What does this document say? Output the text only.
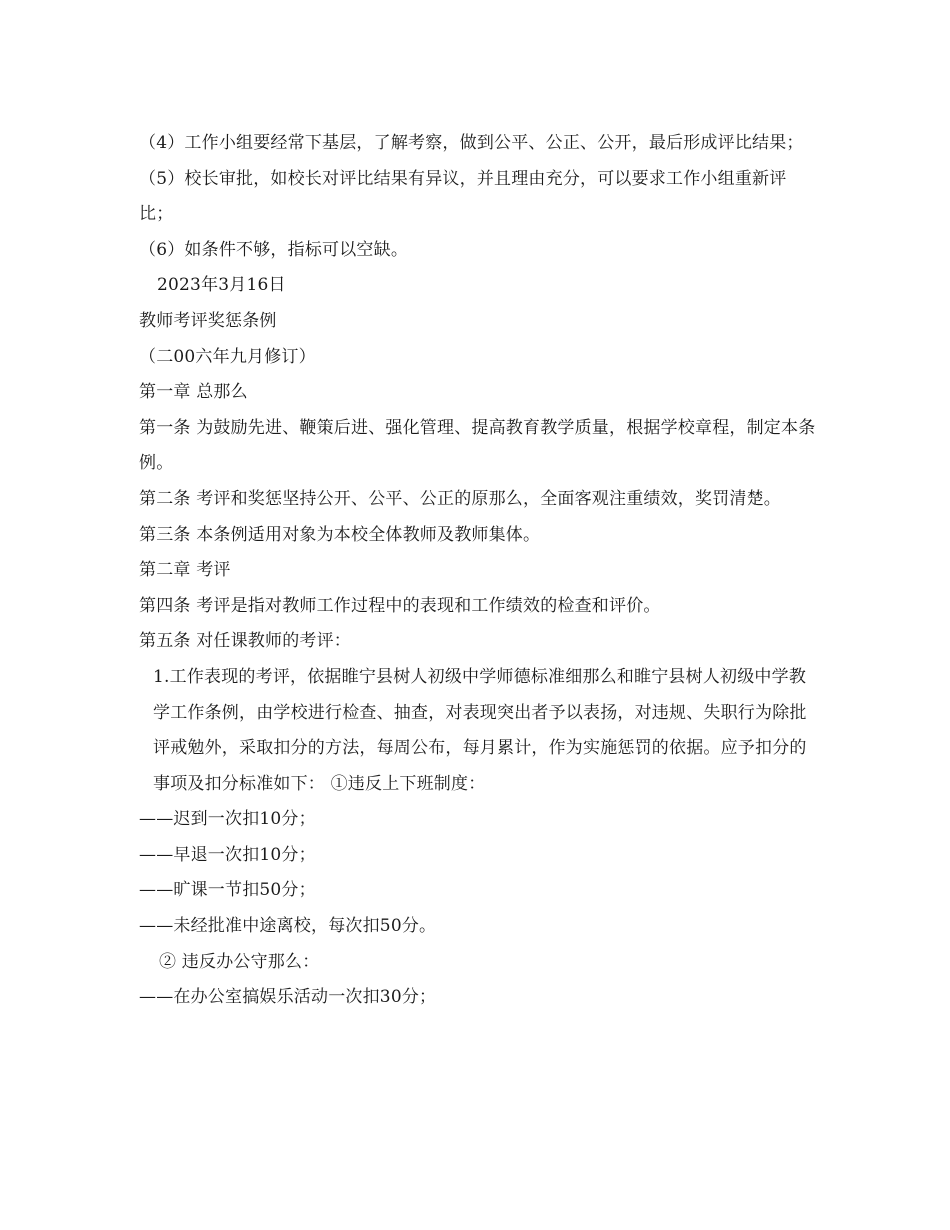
（4）工作小组要经常下基层，了解考察，做到公平、公正、公开，最后形成评比结果；

（5）校长审批，如校长对评比结果有异议，并且理由充分，可以要求工作小组重新评比；

（6）如条件不够，指标可以空缺。

2023年3月16日

教师考评奖惩条例

（二00六年九月修订）

第一章 总那么

第一条 为鼓励先进、鞭策后进、强化管理、提高教育教学质量，根据学校章程，制定本条例。

第二条 考评和奖惩坚持公开、公平、公正的原那么，全面客观注重绩效，奖罚清楚。

第三条 本条例适用对象为本校全体教师及教师集体。

第二章 考评

第四条 考评是指对教师工作过程中的表现和工作绩效的检查和评价。

第五条 对任课教师的考评：

1.工作表现的考评，依据睢宁县树人初级中学师德标准细那么和睢宁县树人初级中学教学工作条例，由学校进行检查、抽查，对表现突出者予以表扬，对违规、失职行为除批评戒勉外，采取扣分的方法，每周公布，每月累计，作为实施惩罚的依据。应予扣分的事项及扣分标准如下： ①违反上下班制度：

——迟到一次扣10分；

——早退一次扣10分；

——旷课一节扣50分；

——未经批准中途离校，每次扣50分。

② 违反办公守那么：

——在办公室搞娱乐活动一次扣30分；
